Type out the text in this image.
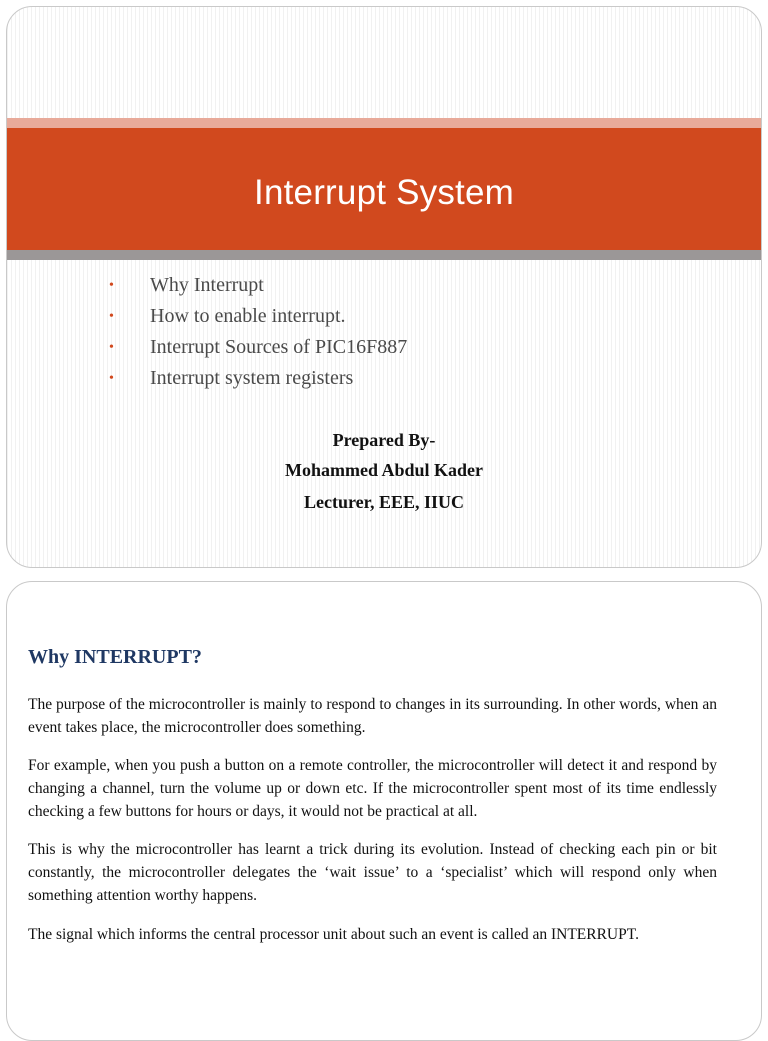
Interrupt System
• Why Interrupt
• How to enable interrupt.
• Interrupt Sources of PIC16F887
• Interrupt system registers
Prepared By-
Mohammed Abdul Kader
Lecturer, EEE, IIUC
Why INTERRUPT?

The purpose of the microcontroller is mainly to respond to changes in its surrounding. In other words, when an event takes place, the microcontroller does something.

For example, when you push a button on a remote controller, the microcontroller will detect it and respond by changing a channel, turn the volume up or down etc. If the microcontroller spent most of its time endlessly checking a few buttons for hours or days, it would not be practical at all.

This is why the microcontroller has learnt a trick during its evolution. Instead of checking each pin or bit constantly, the microcontroller delegates the ‘wait issue’ to a ‘specialist’ which will respond only when something attention worthy happens.

The signal which informs the central processor unit about such an event is called an INTERRUPT.
